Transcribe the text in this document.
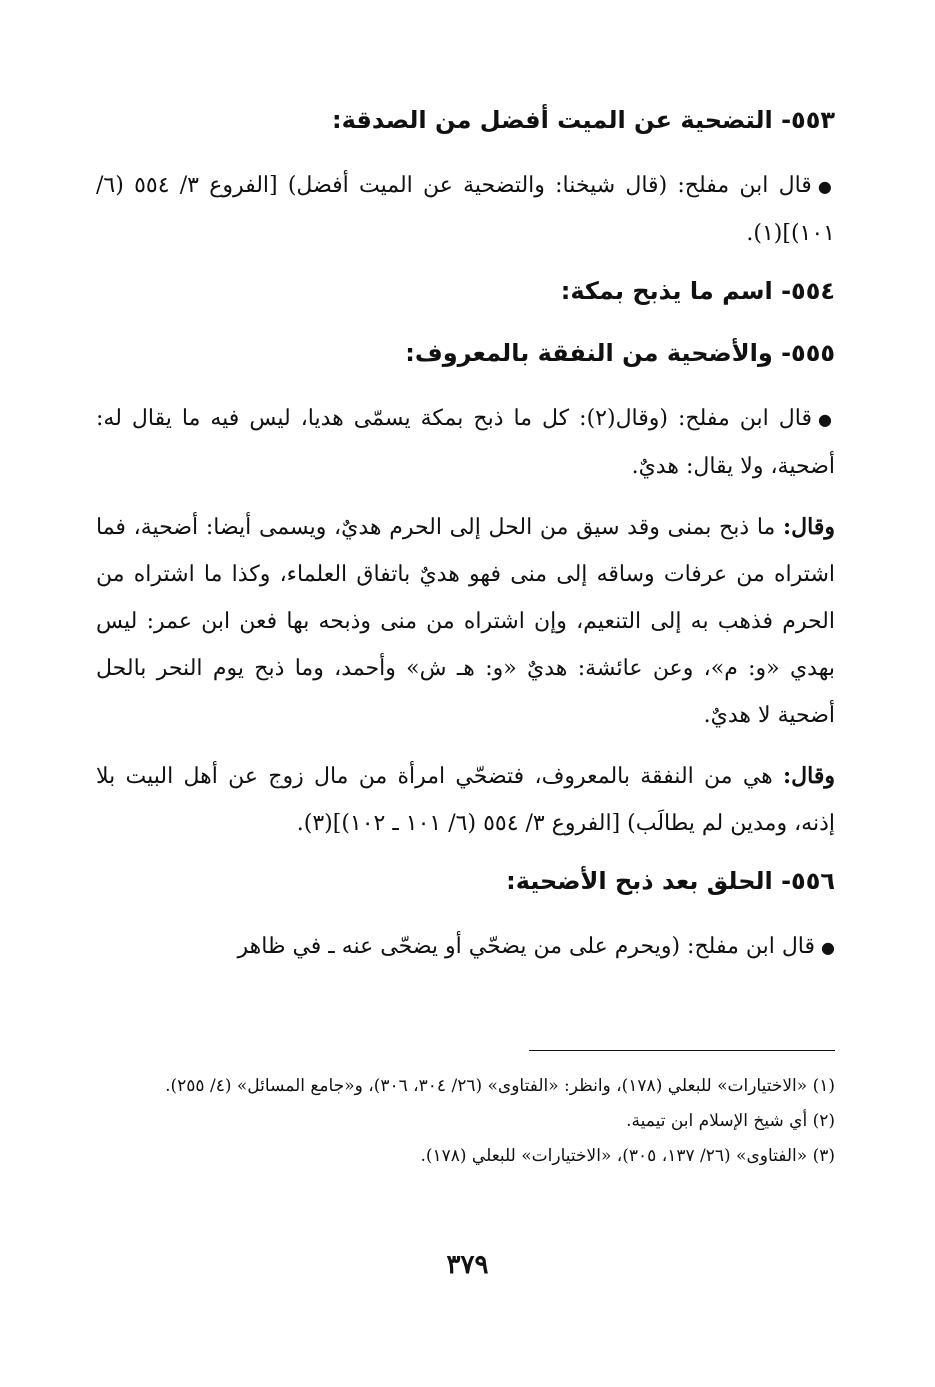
٥٥٣- التضحية عن الميت أفضل من الصدقة:

●قال ابن مفلح: (قال شيخنا: والتضحية عن الميت أفضل) [الفروع ٣/ ٥٥٤ (٦/ ١٠١)](١).

٥٥٤- اسم ما يذبح بمكة:
٥٥٥- والأضحية من النفقة بالمعروف:

●قال ابن مفلح: (وقال(٢): كل ما ذبح بمكة يسمّى هديا، ليس فيه ما يقال له: أضحية، ولا يقال: هديٌ.

وقال: ما ذبح بمنى وقد سيق من الحل إلى الحرم هديٌ، ويسمى أيضا: أضحية، فما اشتراه من عرفات وساقه إلى منى فهو هديٌ باتفاق العلماء، وكذا ما اشتراه من الحرم فذهب به إلى التنعيم، وإن اشتراه من منى وذبحه بها فعن ابن عمر: ليس بهدي «و: م»، وعن عائشة: هديٌ «و: هـ ش» وأحمد، وما ذبح يوم النحر بالحل أضحية لا هديٌ.

وقال: هي من النفقة بالمعروف، فتضحّي امرأة من مال زوج عن أهل البيت بلا إذنه، ومدين لم يطالَب) [الفروع ٣/ ٥٥٤ (٦/ ١٠١ ـ ١٠٢)](٣).

٥٥٦- الحلق بعد ذبح الأضحية:

●قال ابن مفلح: (ويحرم على من يضحّي أو يضحّى عنه ـ في ظاهر

(١) «الاختيارات» للبعلي (١٧٨)، وانظر: «الفتاوى» (٢٦/ ٣٠٤، ٣٠٦)، و«جامع المسائل» (٤/ ٢٥٥).

(٢) أي شيخ الإسلام ابن تيمية.

(٣) «الفتاوى» (٢٦/ ١٣٧، ٣٠٥)، «الاختيارات» للبعلي (١٧٨).

٣٧٩
